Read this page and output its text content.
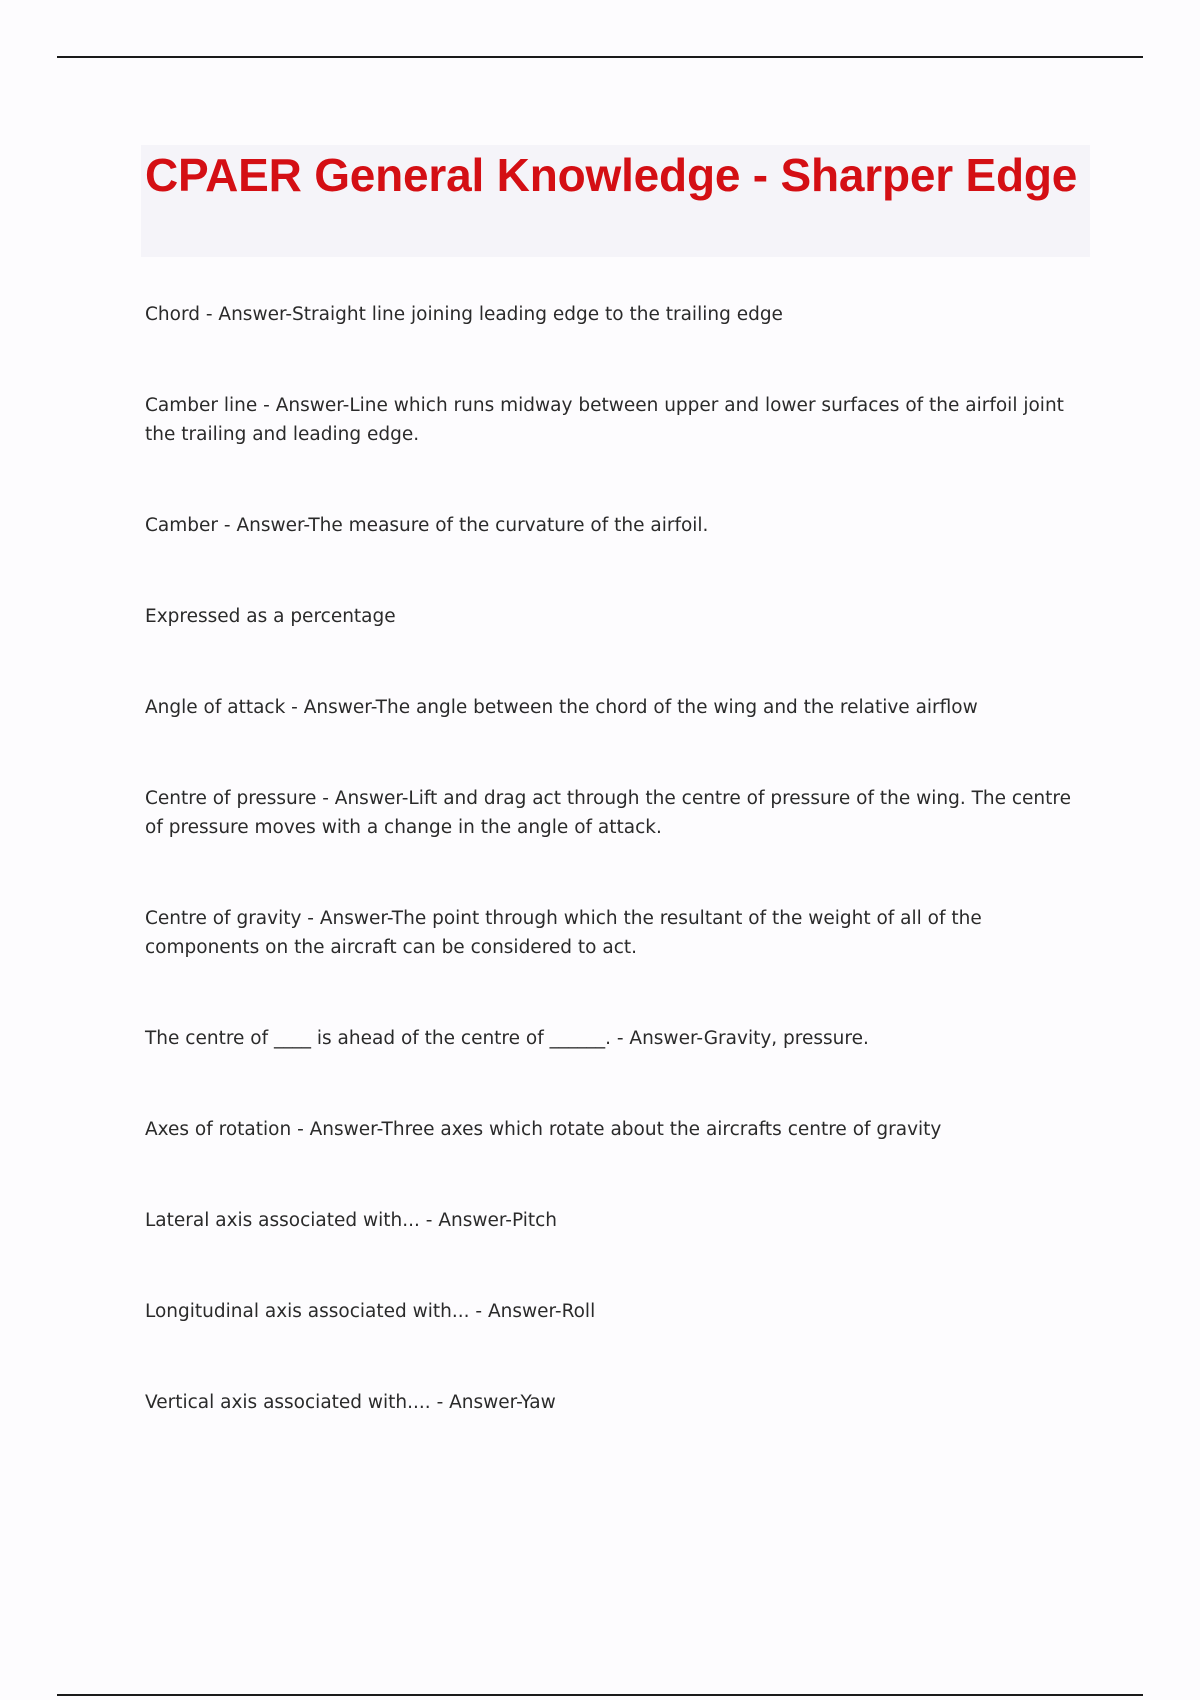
CPAER General Knowledge - Sharper Edge

Chord - Answer-Straight line joining leading edge to the trailing edge

Camber line - Answer-Line which runs midway between upper and lower surfaces of the airfoil joint the trailing and leading edge.

Camber - Answer-The measure of the curvature of the airfoil.

Expressed as a percentage

Angle of attack - Answer-The angle between the chord of the wing and the relative airflow

Centre of pressure - Answer-Lift and drag act through the centre of pressure of the wing. The centre of pressure moves with a change in the angle of attack.

Centre of gravity - Answer-The point through which the resultant of the weight of all of the components on the aircraft can be considered to act.

The centre of ____ is ahead of the centre of ______. - Answer-Gravity, pressure.

Axes of rotation - Answer-Three axes which rotate about the aircrafts centre of gravity

Lateral axis associated with... - Answer-Pitch

Longitudinal axis associated with... - Answer-Roll

Vertical axis associated with.... - Answer-Yaw
